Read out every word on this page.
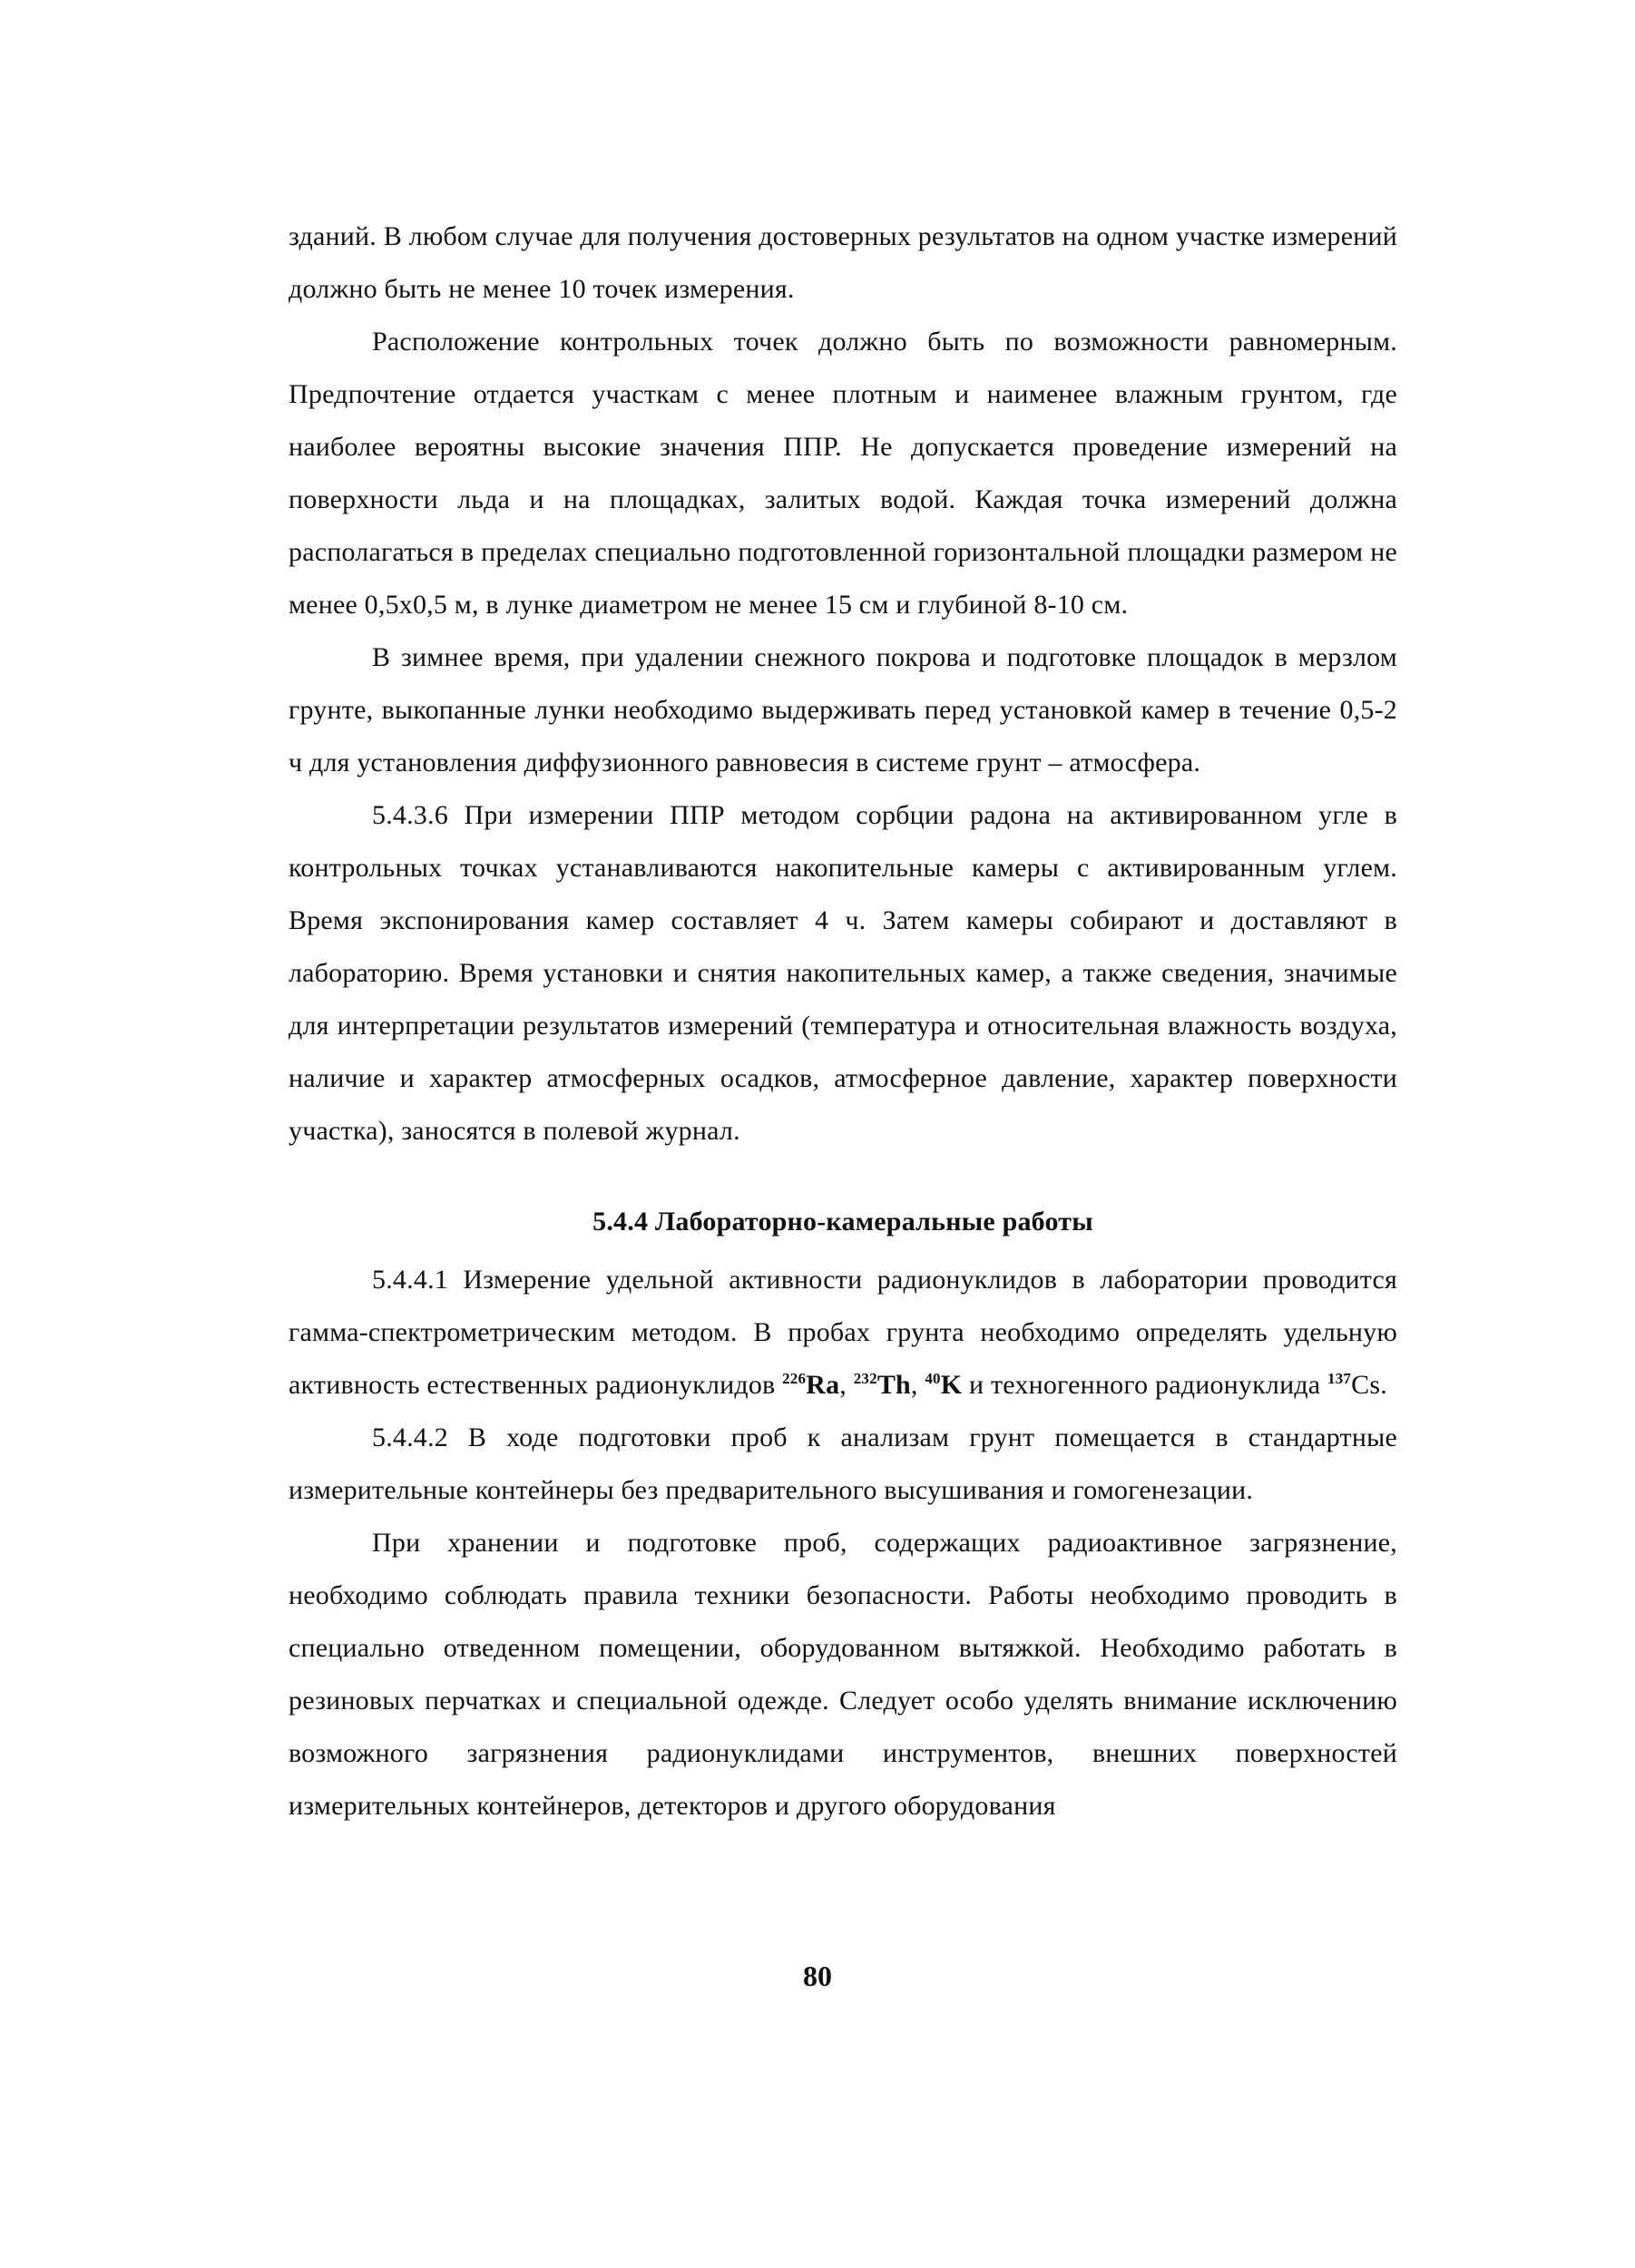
зданий. В любом случае для получения достоверных результатов на одном участке измерений должно быть не менее 10 точек измерения.

Расположение контрольных точек должно быть по возможности равномерным. Предпочтение отдается участкам с менее плотным и наименее влажным грунтом, где наиболее вероятны высокие значения ППР. Не допускается проведение измерений на поверхности льда и на площадках, залитых водой. Каждая точка измерений должна располагаться в пределах специально подготовленной горизонтальной площадки размером не менее 0,5х0,5 м, в лунке диаметром не менее 15 см и глубиной 8-10 см.

В зимнее время, при удалении снежного покрова и подготовке площадок в мерзлом грунте, выкопанные лунки необходимо выдерживать перед установкой камер в течение 0,5-2 ч для установления диффузионного равновесия в системе грунт – атмосфера.

5.4.3.6 При измерении ППР методом сорбции радона на активированном угле в контрольных точках устанавливаются накопительные камеры с активированным углем. Время экспонирования камер составляет 4 ч. Затем камеры собирают и доставляют в лабораторию. Время установки и снятия накопительных камер, а также сведения, значимые для интерпретации результатов измерений (температура и относительная влажность воздуха, наличие и характер атмосферных осадков, атмосферное давление, характер поверхности участка), заносятся в полевой журнал.

5.4.4 Лабораторно-камеральные работы

5.4.4.1 Измерение удельной активности радионуклидов в лаборатории проводится гамма-спектрометрическим методом. В пробах грунта необходимо определять удельную активность естественных радионуклидов $^{226}$Ra, $^{232}$Th, $^{40}$K и техногенного радионуклида $^{137}$Cs.

5.4.4.2 В ходе подготовки проб к анализам грунт помещается в стандартные измерительные контейнеры без предварительного высушивания и гомогенезации.

При хранении и подготовке проб, содержащих радиоактивное загрязнение, необходимо соблюдать правила техники безопасности. Работы необходимо проводить в специально отведенном помещении, оборудованном вытяжкой. Необходимо работать в резиновых перчатках и специальной одежде. Следует особо уделять внимание исключению возможного загрязнения радионуклидами инструментов, внешних поверхностей измерительных контейнеров, детекторов и другого оборудования

80
